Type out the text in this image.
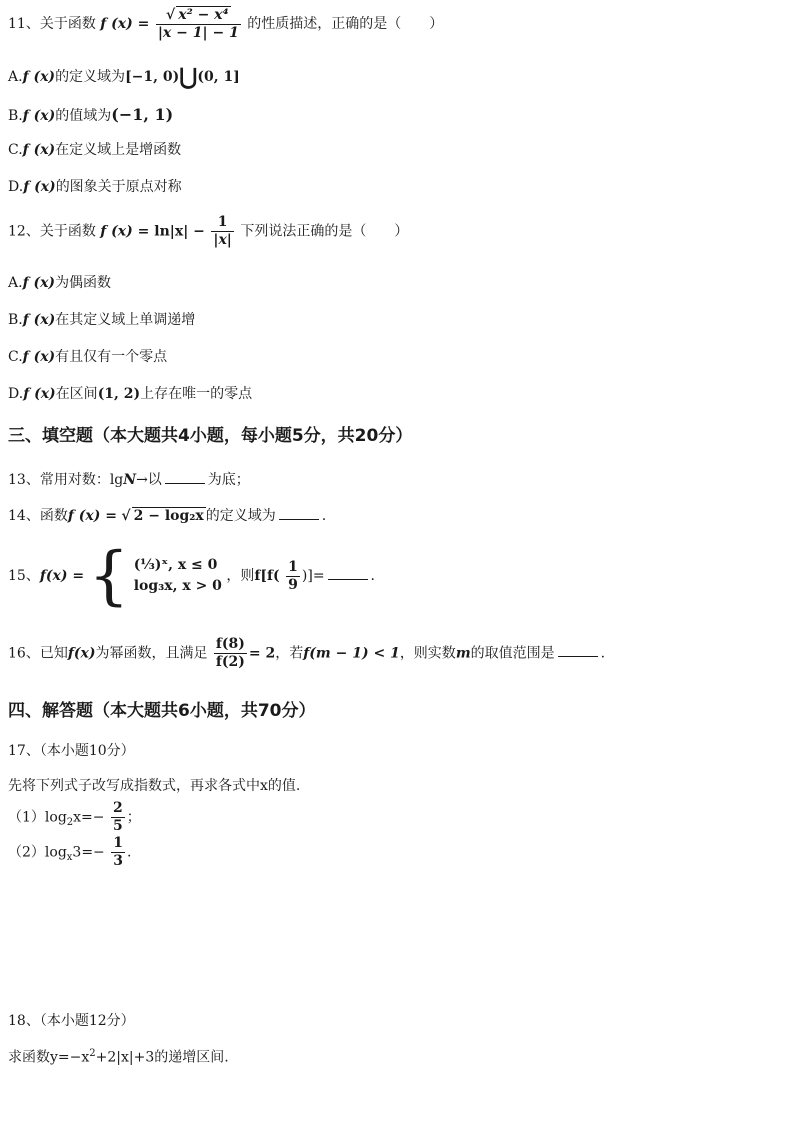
11、关于函数 f $(x) = \frac{\text{√ x² − x⁴}}{|x - 1| - 1}$ 的性质描述，正确的是（　　）
A.f (x)的定义域为[−1, 0)⋃(0, 1]
B.f (x)的值域为(−1, 1)
C.f (x)在定义域上是增函数
D.f (x)的图象关于原点对称
12、关于函数 f $(x) = \ln|x| - \frac{1}{|x|}$ 下列说法正确的是（　　）
A.f (x)为偶函数
B.f (x)在其定义域上单调递增
C.f (x)有且仅有一个零点
D.f (x)在区间(1, 2)上存在唯一的零点
三、填空题（本大题共4小题，每小题5分，共20分）
13、常用对数：lgN→以	为底；
14、函数f (x) = √ 2 − log₂x 的定义域为	.
15、f(x) = { (⅓)ˣ, x ≤ 0
log₃x, x > 0
，则$f[f( \frac{1}{9}$ )]=	.
16、已知f(x)为幂函数，且满足 $\frac{f(8)}{f(2)} = 2$，若f(m − 1) < 1，则实数m的取值范围是	.
四、解答题（本大题共6小题，共70分）
17、（本小题10分）
先将下列式子改写成指数式，再求各式中x的值.
$(1)\log_2x=- \frac{2}{5}$ ；
$(2)\log_x3=- \frac{1}{3}$ .
18、（本小题12分）
求函数$y=-x^2+2|x|+3$的递增区间.
